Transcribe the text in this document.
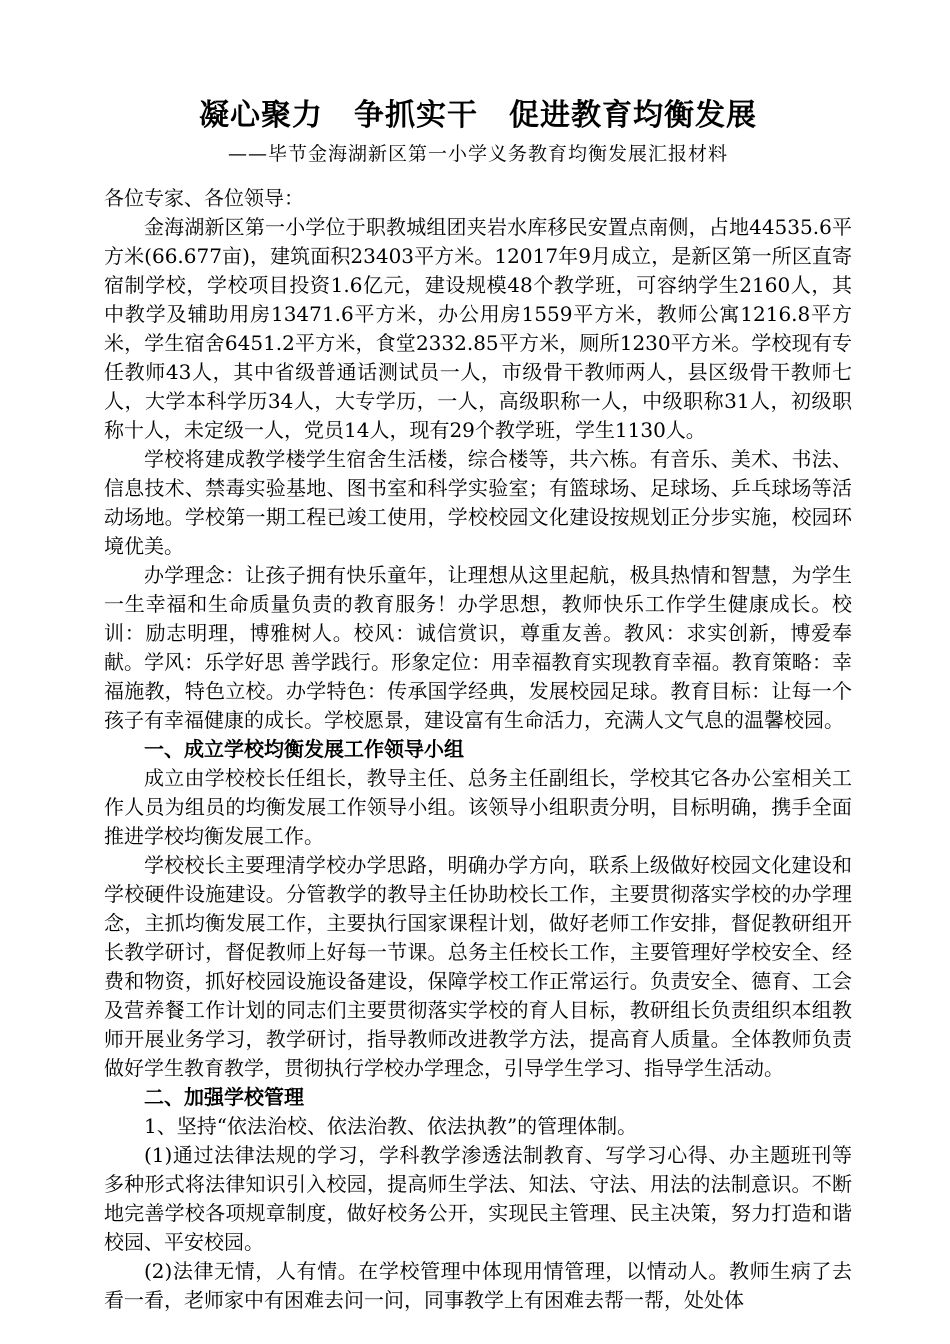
凝心聚力　争抓实干　促进教育均衡发展
——毕节金海湖新区第一小学义务教育均衡发展汇报材料

各位专家、各位领导：

金海湖新区第一小学位于职教城组团夹岩水库移民安置点南侧，占地44535.6平方米(66.677亩)，建筑面积23403平方米。12017年9月成立，是新区第一所区直寄宿制学校，学校项目投资1.6亿元，建设规模48个教学班，可容纳学生2160人，其中教学及辅助用房13471.6平方米，办公用房1559平方米，教师公寓1216.8平方米，学生宿舍6451.2平方米，食堂2332.85平方米，厕所1230平方米。学校现有专任教师43人，其中省级普通话测试员一人，市级骨干教师两人，县区级骨干教师七人，大学本科学历34人，大专学历，一人，高级职称一人，中级职称31人，初级职称十人，未定级一人，党员14人，现有29个教学班，学生1130人。

学校将建成教学楼学生宿舍生活楼，综合楼等，共六栋。有音乐、美术、书法、信息技术、禁毒实验基地、图书室和科学实验室；有篮球场、足球场、乒乓球场等活动场地。学校第一期工程已竣工使用，学校校园文化建设按规划正分步实施，校园环境优美。

办学理念：让孩子拥有快乐童年，让理想从这里起航，极具热情和智慧，为学生一生幸福和生命质量负责的教育服务！办学思想，教师快乐工作学生健康成长。校训：励志明理，博雅树人。校风：诚信赏识，尊重友善。教风：求实创新，博爱奉献。学风：乐学好思 善学践行。形象定位：用幸福教育实现教育幸福。教育策略：幸福施教，特色立校。办学特色：传承国学经典，发展校园足球。教育目标：让每一个孩子有幸福健康的成长。学校愿景，建设富有生命活力，充满人文气息的温馨校园。

一、成立学校均衡发展工作领导小组

成立由学校校长任组长，教导主任、总务主任副组长，学校其它各办公室相关工作人员为组员的均衡发展工作领导小组。该领导小组职责分明，目标明确，携手全面推进学校均衡发展工作。

学校校长主要理清学校办学思路，明确办学方向，联系上级做好校园文化建设和学校硬件设施建设。分管教学的教导主任协助校长工作，主要贯彻落实学校的办学理念，主抓均衡发展工作，主要执行国家课程计划，做好老师工作安排，督促教研组开长教学研讨，督促教师上好每一节课。总务主任校长工作，主要管理好学校安全、经费和物资，抓好校园设施设备建设，保障学校工作正常运行。负责安全、德育、工会及营养餐工作计划的同志们主要贯彻落实学校的育人目标，教研组长负责组织本组教师开展业务学习，教学研讨，指导教师改进教学方法，提高育人质量。全体教师负责做好学生教育教学，贯彻执行学校办学理念，引导学生学习、指导学生活动。

二、加强学校管理

1、坚持“依法治校、依法治教、依法执教”的管理体制。

(1)通过法律法规的学习，学科教学渗透法制教育、写学习心得、办主题班刊等多种形式将法律知识引入校园，提高师生学法、知法、守法、用法的法制意识。不断地完善学校各项规章制度，做好校务公开，实现民主管理、民主决策，努力打造和谐校园、平安校园。

(2)法律无情，人有情。在学校管理中体现用情管理，以情动人。教师生病了去看一看，老师家中有困难去问一问，同事教学上有困难去帮一帮，处处体
